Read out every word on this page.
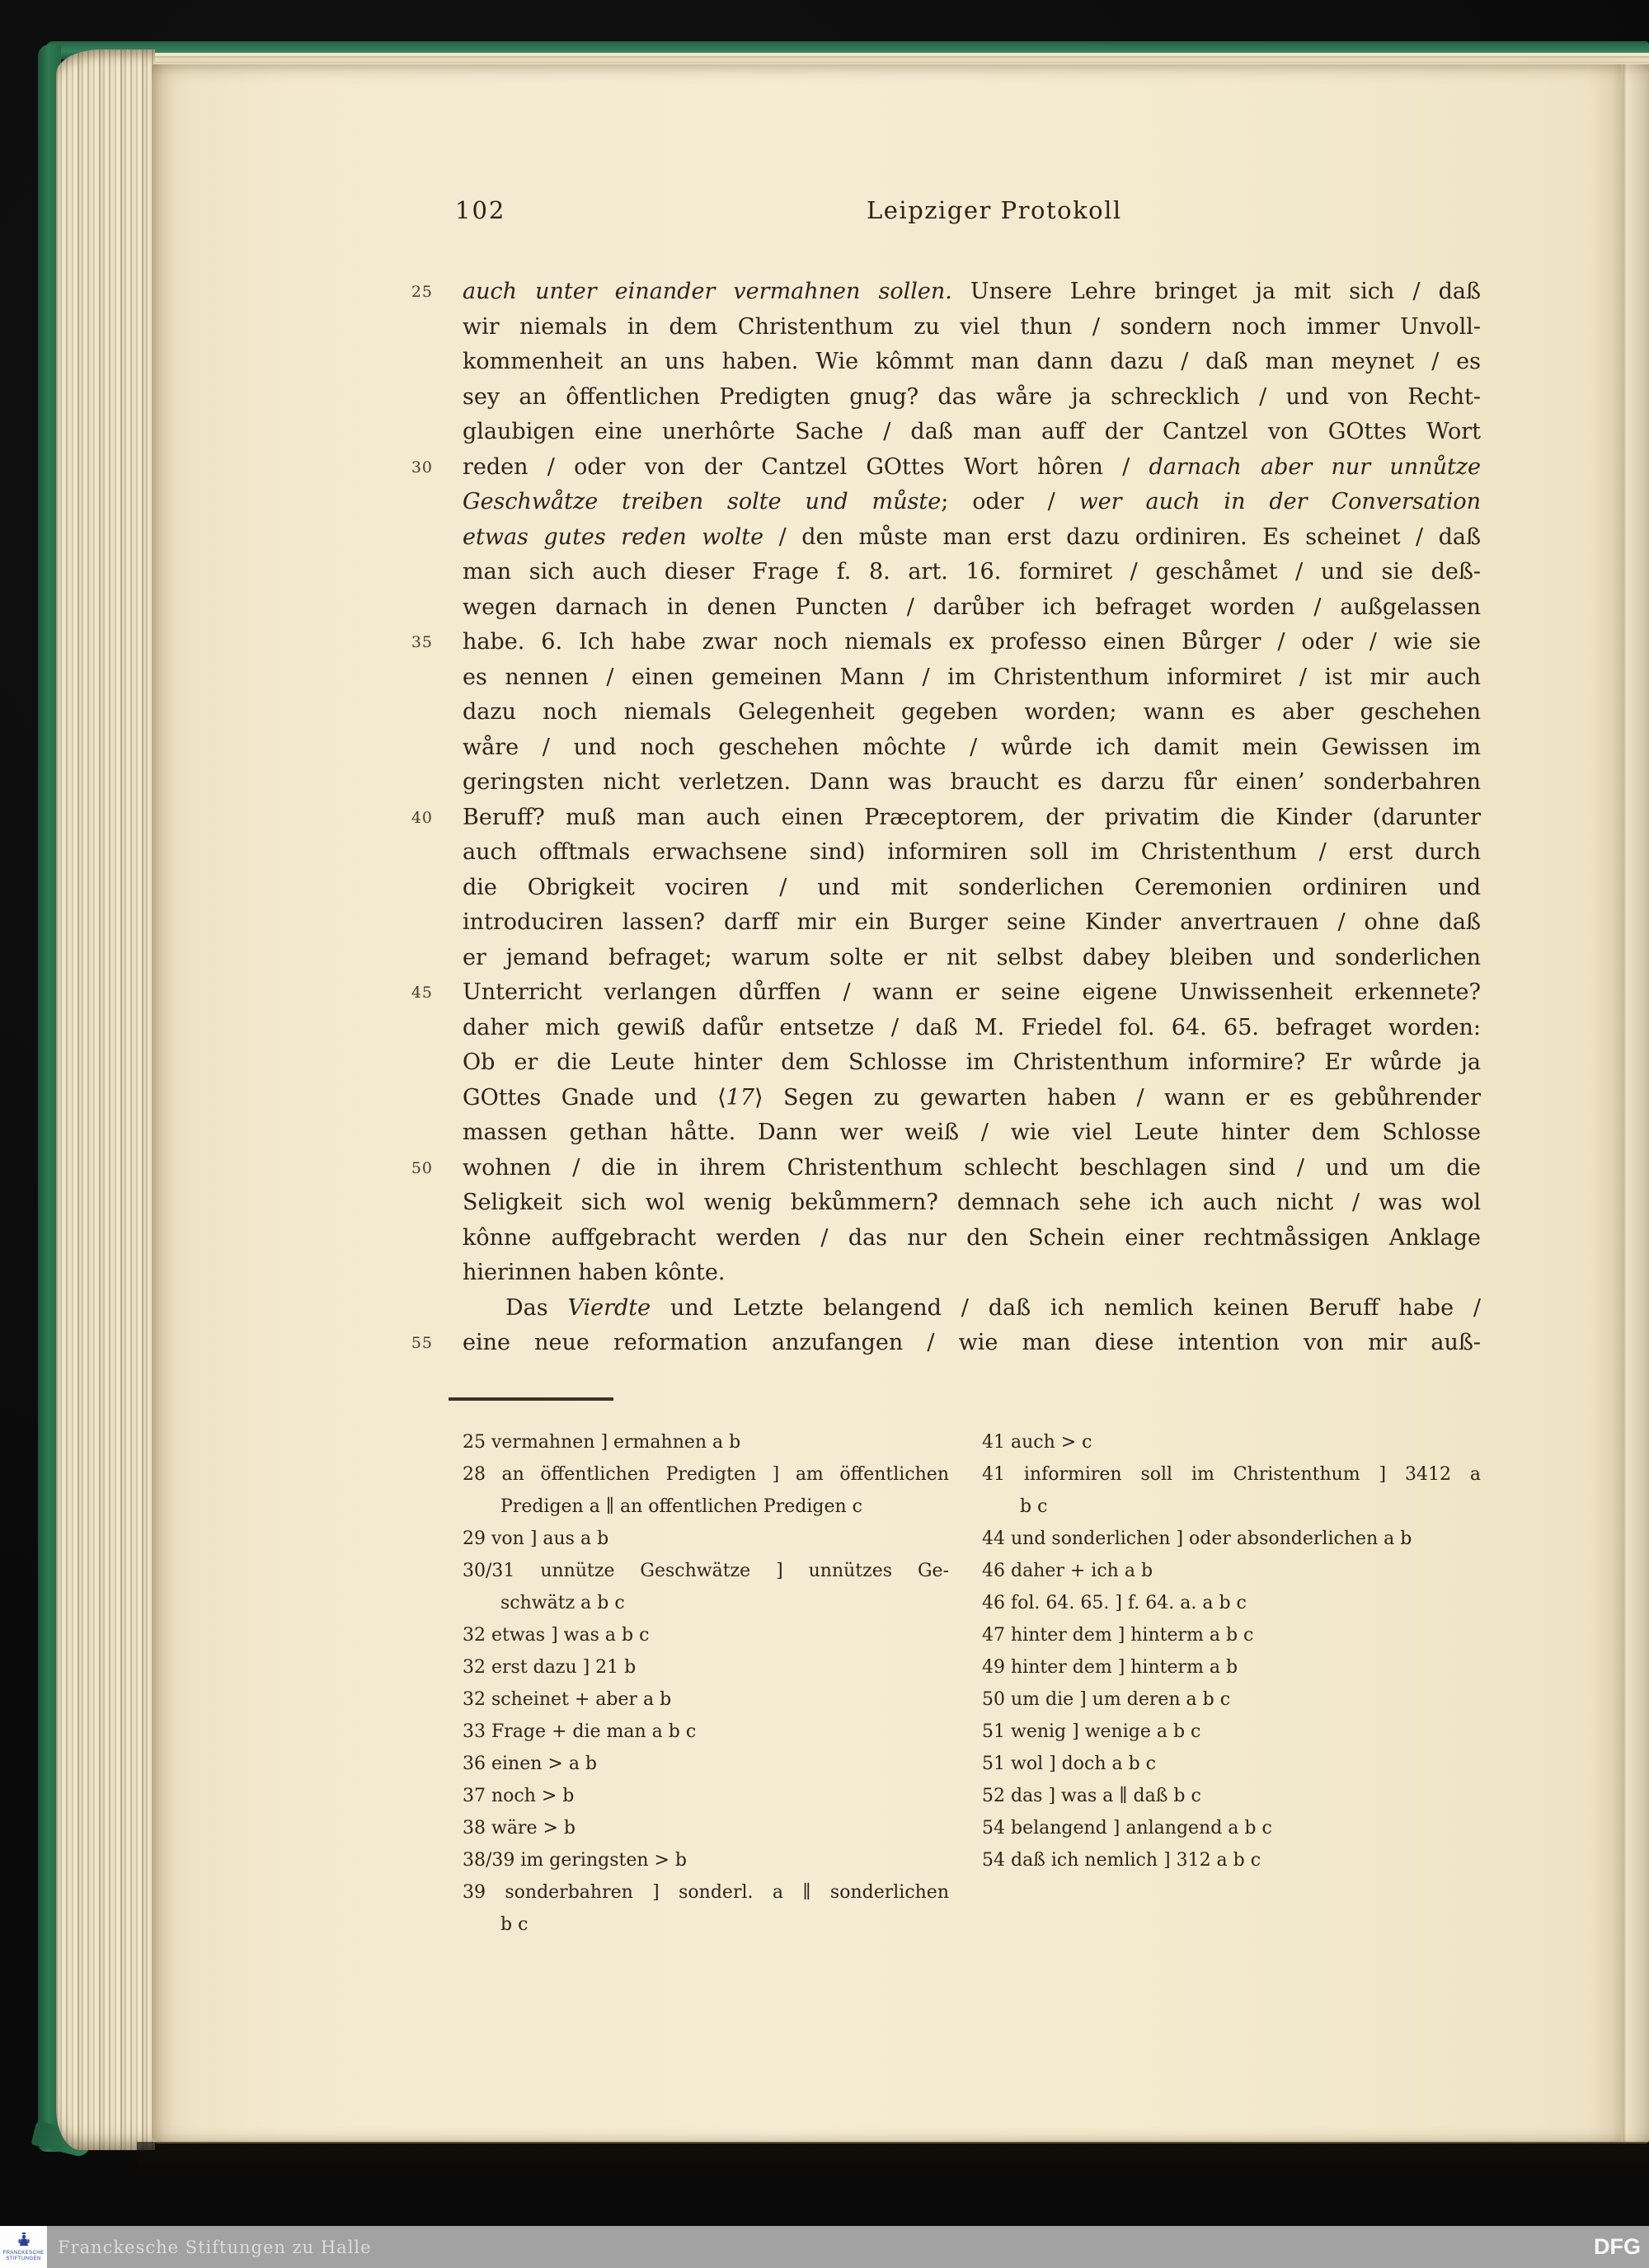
102	Leipziger Protokoll
25 auch unter einander vermahnen sollen. Unsere Lehre bringet ja mit sich / daß
wir niemals in dem Christenthum zu viel thun / sondern noch immer Unvoll-
kommenheit an uns haben. Wie kômmt man dann dazu / daß man meynet / es
sey an ôffentlichen Predigten gnug? das wåre ja schrecklich / und von Recht-
glaubigen eine unerhôrte Sache / daß man auff der Cantzel von GOttes Wort
30 reden / oder von der Cantzel GOttes Wort hôren / darnach aber nur unnůtze
Geschwåtze treiben solte und můste; oder / wer auch in der Conversation
etwas gutes reden wolte / den můste man erst dazu ordiniren. Es scheinet / daß
man sich auch dieser Frage f. 8. art. 16. formiret / geschåmet / und sie deß-
wegen darnach in denen Puncten / darůber ich befraget worden / außgelassen
35 habe. 6. Ich habe zwar noch niemals ex professo einen Bůrger / oder / wie sie
es nennen / einen gemeinen Mann / im Christenthum informiret / ist mir auch
dazu noch niemals Gelegenheit gegeben worden; wann es aber geschehen
wåre / und noch geschehen môchte / wůrde ich damit mein Gewissen im
geringsten nicht verletzen. Dann was braucht es darzu fůr einen’ sonderbahren
40 Beruff? muß man auch einen Præceptorem, der privatim die Kinder (darunter
auch offtmals erwachsene sind) informiren soll im Christenthum / erst durch
die Obrigkeit vociren / und mit sonderlichen Ceremonien ordiniren und
introduciren lassen? darff mir ein Burger seine Kinder anvertrauen / ohne daß
er jemand befraget; warum solte er nit selbst dabey bleiben und sonderlichen
45 Unterricht verlangen důrffen / wann er seine eigene Unwissenheit erkennete?
daher mich gewiß dafůr entsetze / daß M. Friedel fol. 64. 65. befraget worden:
Ob er die Leute hinter dem Schlosse im Christenthum informire? Er wůrde ja
GOttes Gnade und ⟨17⟩ Segen zu gewarten haben / wann er es gebůhrender
massen gethan håtte. Dann wer weiß / wie viel Leute hinter dem Schlosse
50 wohnen / die in ihrem Christenthum schlecht beschlagen sind / und um die
Seligkeit sich wol wenig bekůmmern? demnach sehe ich auch nicht / was wol
kônne auffgebracht werden / das nur den Schein einer rechtmåssigen Anklage
hierinnen haben kônte.
Das Vierdte und Letzte belangend / daß ich nemlich keinen Beruff habe /
55 eine neue reformation anzufangen / wie man diese intention von mir auß-
25 vermahnen ] ermahnen a b
28 an öffentlichen Predigten ] am öffentlichen
Predigen a ∥ an offentlichen Predigen c
29 von ] aus a b
30/31 unnütze Geschwätze ] unnützes Ge-
schwätz a b c
32 etwas ] was a b c
32 erst dazu ] 21 b
32 scheinet + aber a b
33 Frage + die man a b c
36 einen > a b
37 noch > b
38 wäre > b
38/39 im geringsten > b
39 sonderbahren ] sonderl. a ∥ sonderlichen
b c
41 auch > c
41 informiren soll im Christenthum ] 3412 a
b c
44 und sonderlichen ] oder absonderlichen a b
46 daher + ich a b
46 fol. 64. 65. ] f. 64. a. a b c
47 hinter dem ] hinterm a b c
49 hinter dem ] hinterm a b
50 um die ] um deren a b c
51 wenig ] wenige a b c
51 wol ] doch a b c
52 das ] was a ∥ daß b c
54 belangend ] anlangend a b c
54 daß ich nemlich ] 312 a b c
FRANCKESCHE
STIFTUNGEN
Franckesche Stiftungen zu Halle	DFG
